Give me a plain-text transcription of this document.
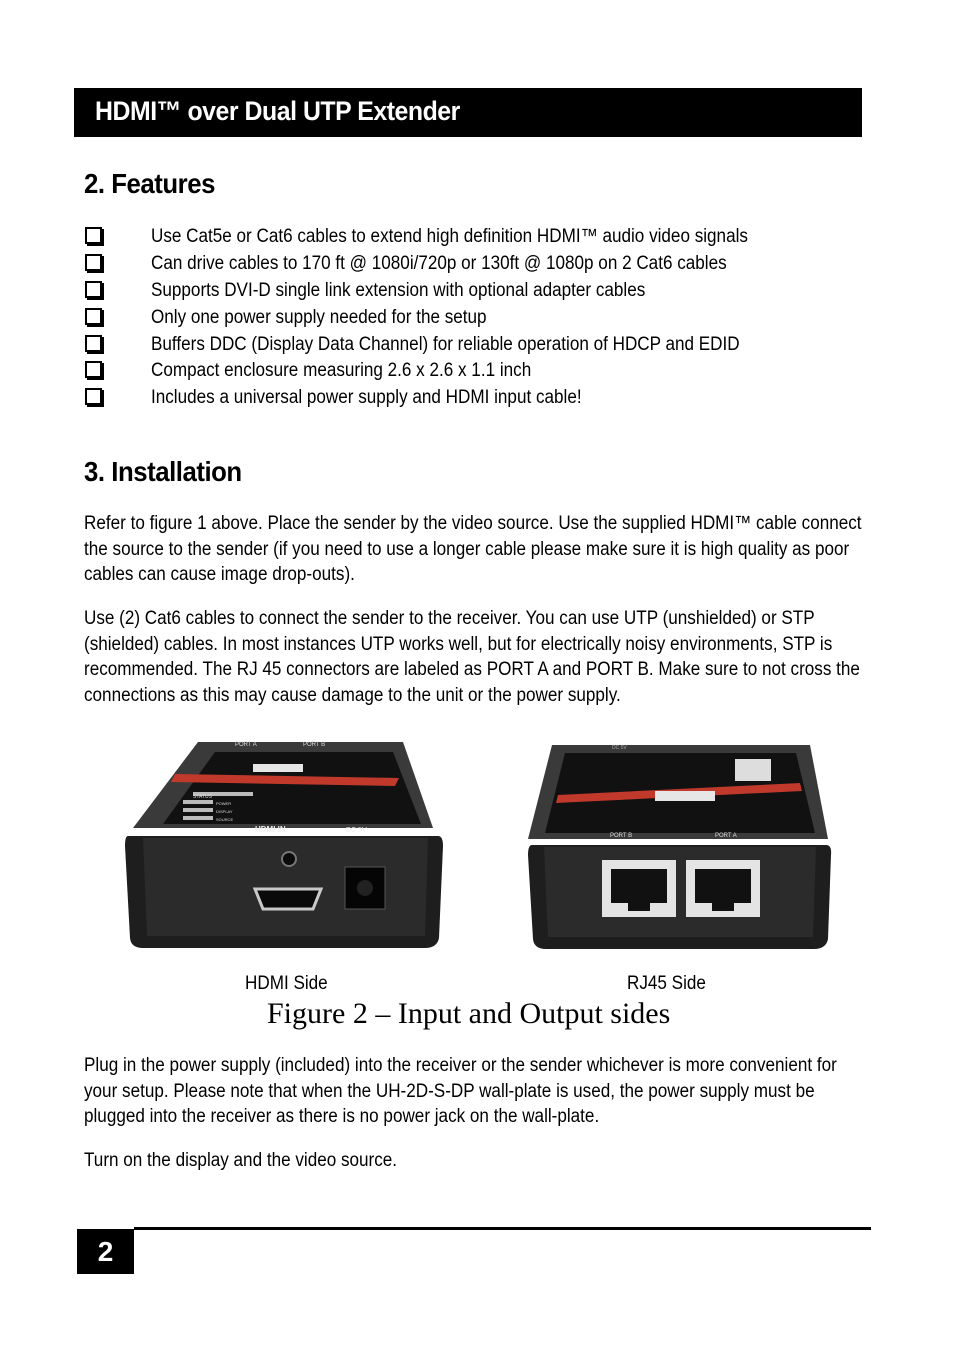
HDMI™ over Dual UTP Extender
2. Features
Use Cat5e or Cat6 cables to extend high definition HDMI™ audio video signals
Can drive cables to 170 ft @ 1080i/720p or 130ft @ 1080p on 2 Cat6 cables
Supports DVI-D single link extension with optional adapter cables
Only one power supply needed for the setup
Buffers DDC (Display Data Channel) for reliable operation of HDCP and EDID
Compact enclosure measuring 2.6 x 2.6 x 1.1 inch
Includes a universal power supply and HDMI input cable!
3. Installation

Refer to figure 1 above. Place the sender by the video source. Use the supplied HDMI™ cable connect the source to the sender (if you need to use a longer cable please make sure it is high quality as poor cables can cause image drop-outs).

Use (2) Cat6 cables to connect the sender to the receiver. You can use UTP (unshielded) or STP (shielded) cables. In most instances UTP works well, but for electrically noisy environments, STP is recommended. The RJ 45 connectors are labeled as PORT A and PORT B. Make sure to not cross the connections as this may cause damage to the unit or the power supply.

PORT A	PORT B
STATUS
POWER
DISPLAY
SOURCE
HDMI IN	DC 5V
PORT B	PORT A
DC 5V
HDMI Side	RJ45 Side
Figure 2 – Input and Output sides

Plug in the power supply (included) into the receiver or the sender whichever is more convenient for your setup. Please note that when the UH-2D-S-DP wall-plate is used, the power supply must be plugged into the receiver as there is no power jack on the wall-plate.

Turn on the display and the video source.

2
